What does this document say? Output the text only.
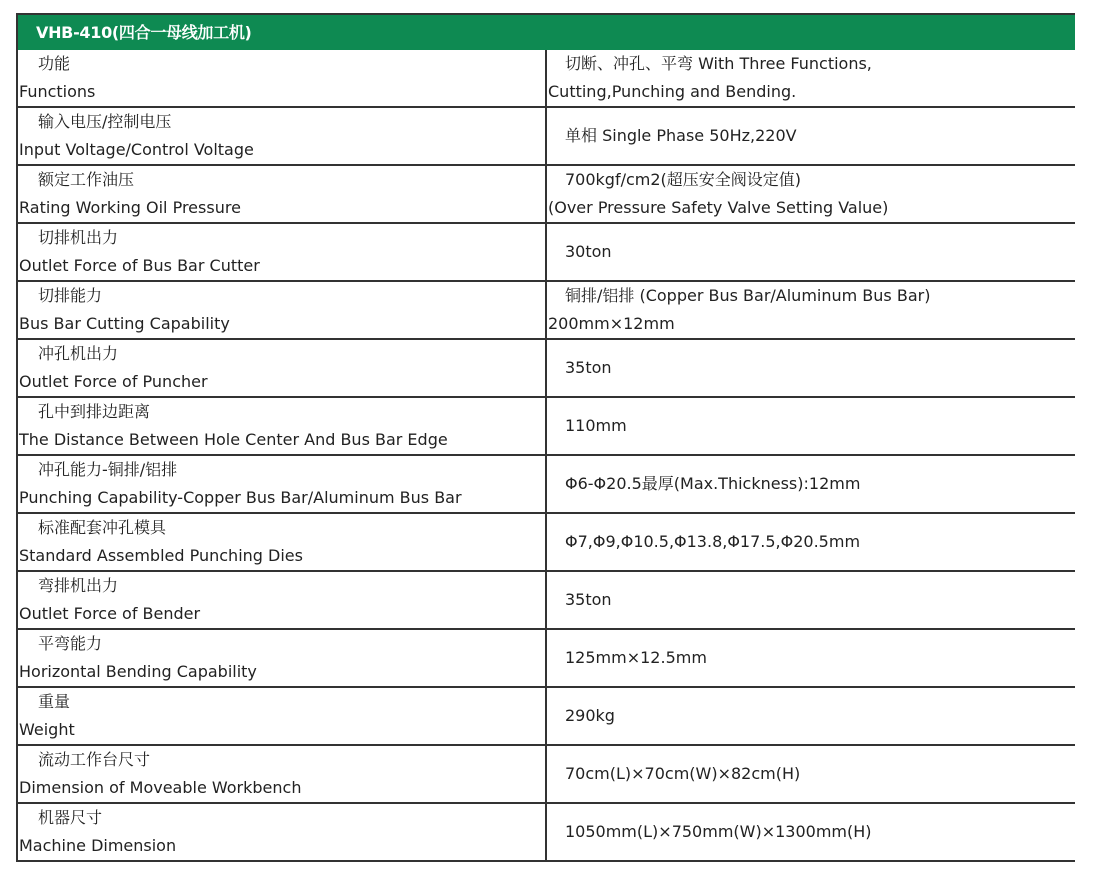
VHB-410(四合一母线加工机)	

功能
Functions	切断、冲孔、平弯 With Three Functions,
Cutting,Punching and Bending.

输入电压/控制电压
Input Voltage/Control Voltage	单相 Single Phase 50Hz,220V

额定工作油压
Rating Working Oil Pressure	700kgf/cm2(超压安全阀设定值)
(Over Pressure Safety Valve Setting Value)

切排机出力
Outlet Force of Bus Bar Cutter	30ton

切排能力
Bus Bar Cutting Capability	铜排/铝排 (Copper Bus Bar/Aluminum Bus Bar)
200mm×12mm

冲孔机出力
Outlet Force of Puncher	35ton

孔中到排边距离
The Distance Between Hole Center And Bus Bar Edge	110mm

冲孔能力-铜排/铝排
Punching Capability-Copper Bus Bar/Aluminum Bus Bar	Φ6-Φ20.5最厚(Max.Thickness):12mm

标准配套冲孔模具
Standard Assembled Punching Dies	Φ7,Φ9,Φ10.5,Φ13.8,Φ17.5,Φ20.5mm

弯排机出力
Outlet Force of Bender	35ton

平弯能力
Horizontal Bending Capability	125mm×12.5mm

重量
Weight	290kg

流动工作台尺寸
Dimension of Moveable Workbench	70cm(L)×70cm(W)×82cm(H)

机器尺寸
Machine Dimension	1050mm(L)×750mm(W)×1300mm(H)
